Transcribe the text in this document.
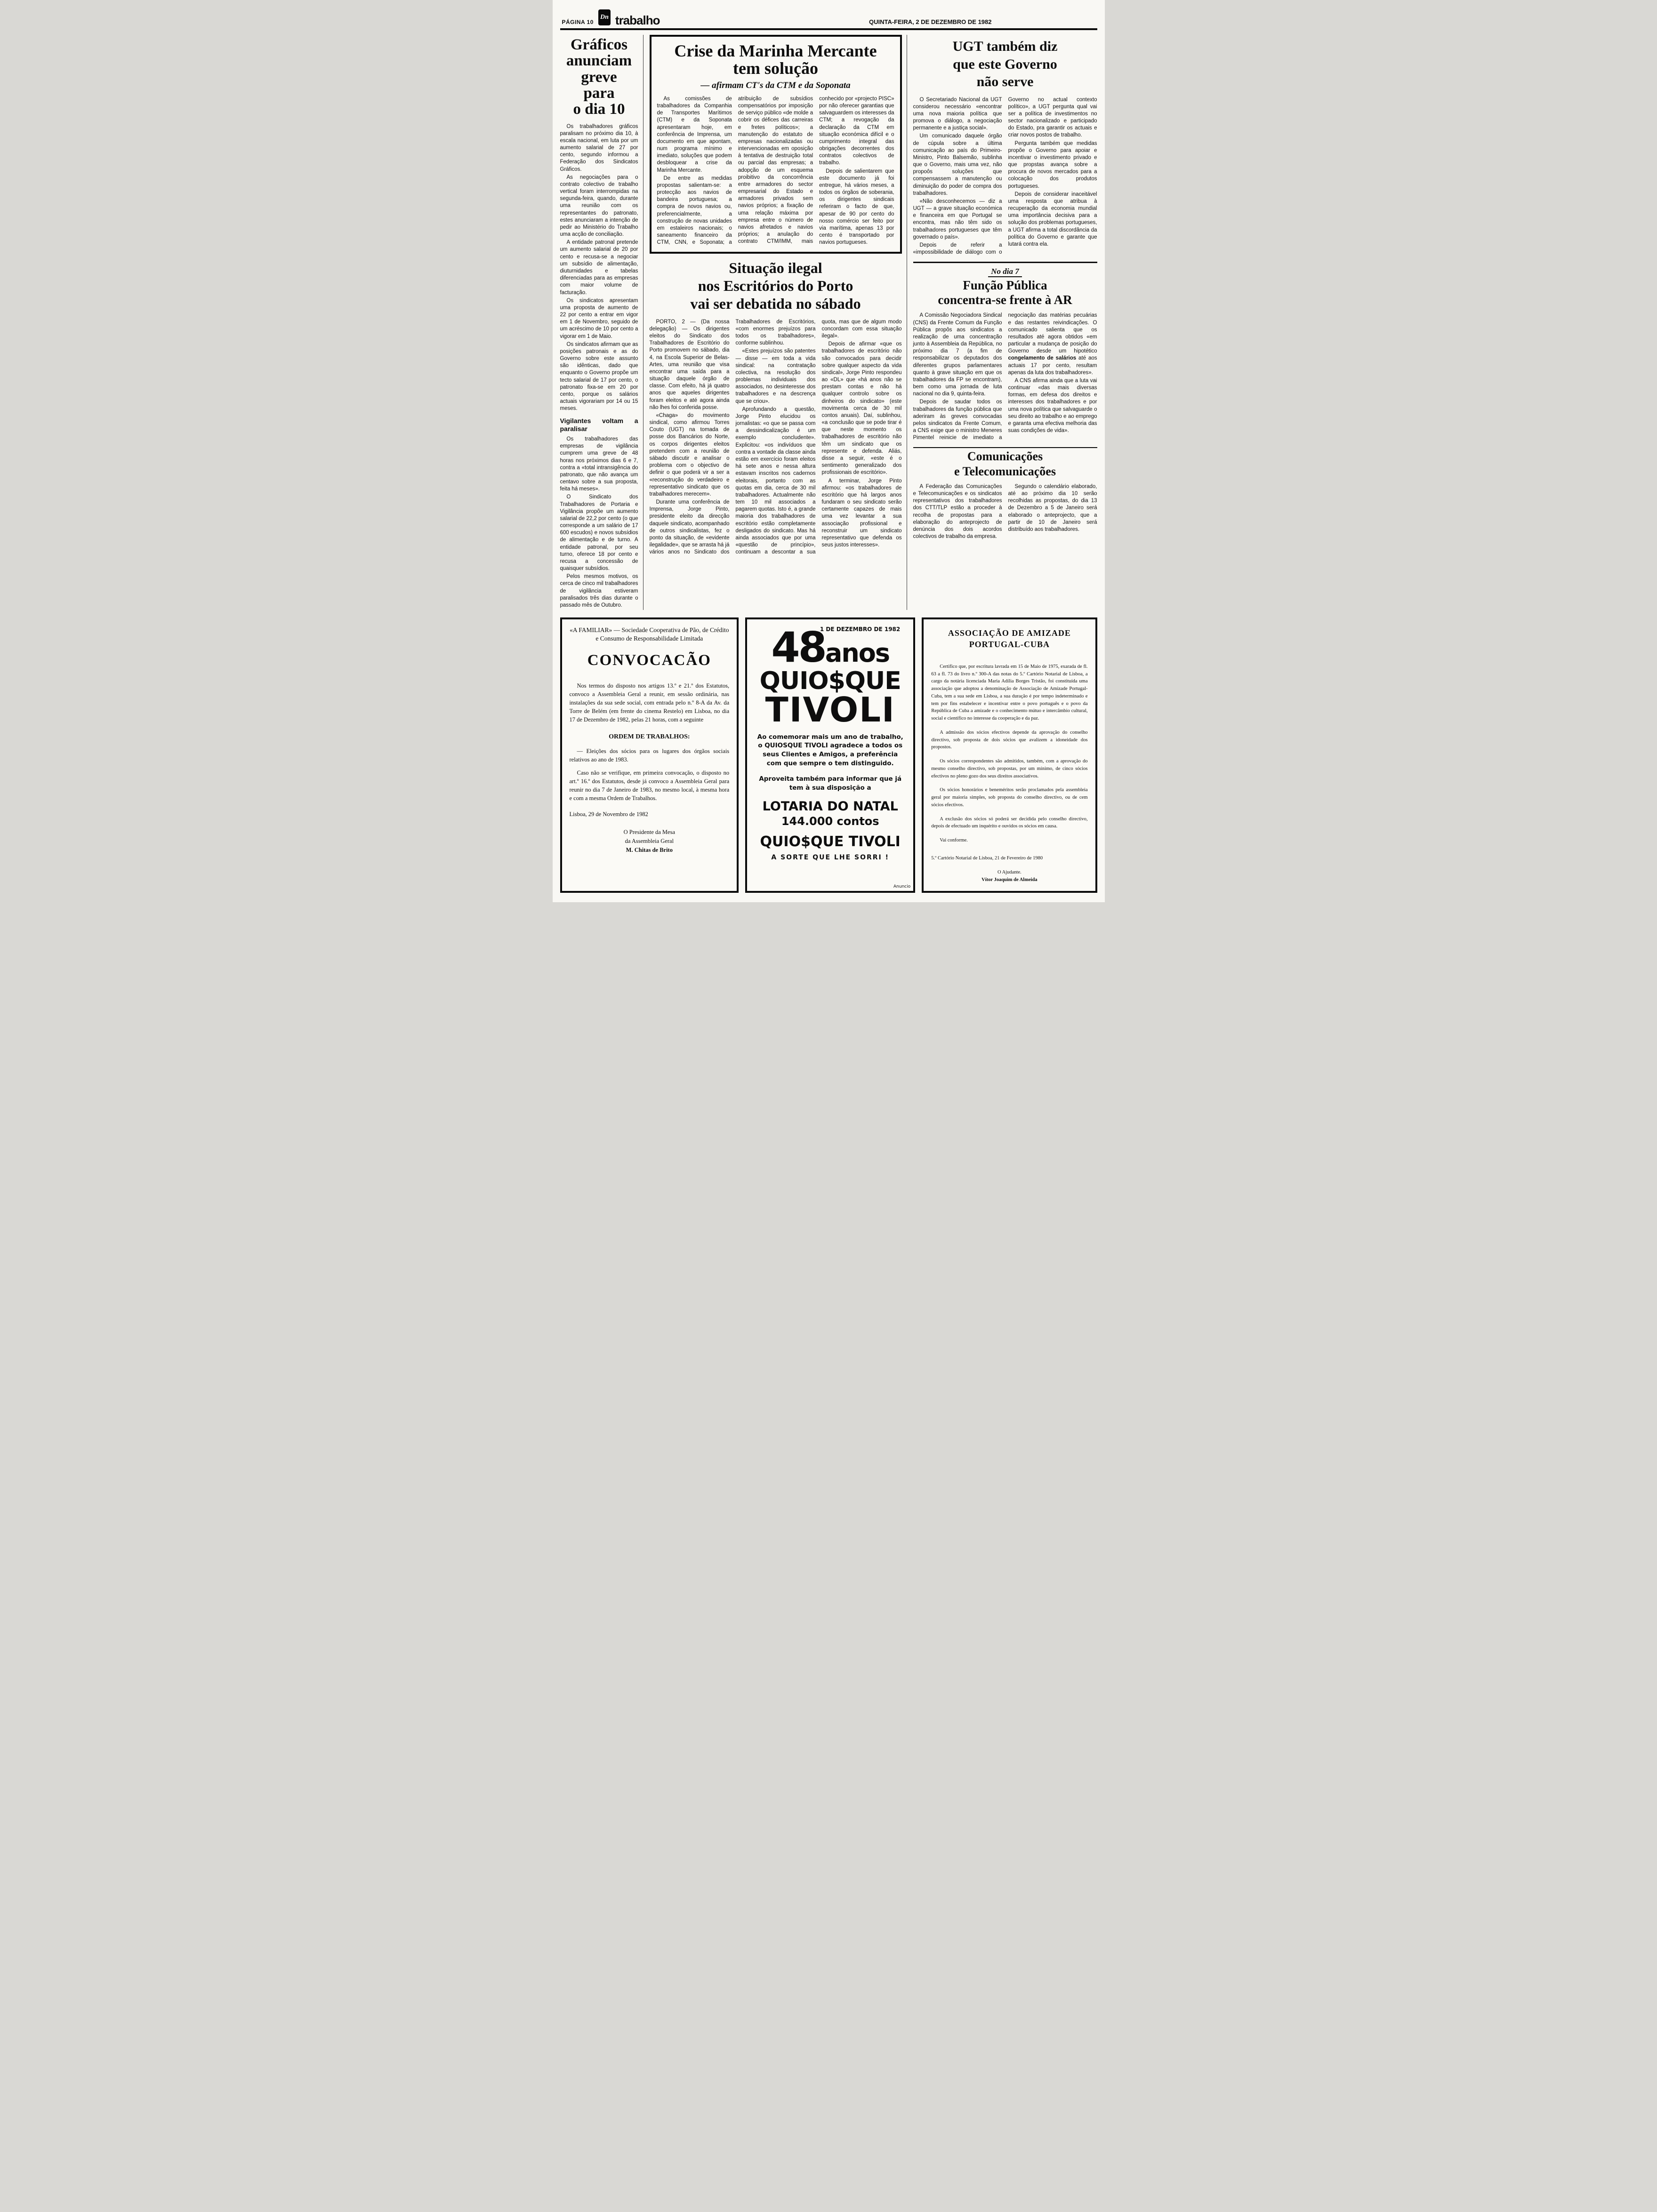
PÁGINA 10
Dn trabalho	QUINTA-FEIRA, 2 DE DEZEMBRO DE 1982
Gráficos
anunciam
greve
para
o dia 10

Os trabalhadores gráficos paralisam no próximo dia 10, à escala nacional, em luta por um aumento salarial de 27 por cento, segundo informou a Federação dos Sindicatos Gráficos.

As negociações para o contrato colectivo de trabalho vertical foram interrompidas na segunda-feira, quando, durante uma reunião com os representantes do patronato, estes anunciaram a intenção de pedir ao Ministério do Trabalho uma acção de conciliação.

A entidade patronal pretende um aumento salarial de 20 por cento e recusa-se a negociar um subsídio de alimentação, diuturnidades e tabelas diferenciadas para as empresas com maior volume de facturação.

Os sindicatos apresentam uma proposta de aumento de 22 por cento a entrar em vigor em 1 de Novembro, seguido de um acréscimo de 10 por cento a vigorar em 1 de Maio.

Os sindicatos afirmam que as posições patronais e as do Governo sobre este assunto são idênticas, dado que enquanto o Governo propõe um tecto salarial de 17 por cento, o patronato fixa-se em 20 por cento, porque os salários actuais vigorariam por 14 ou 15 meses.

Vigilantes voltam a paralisar

Os trabalhadores das empresas de vigilância cumprem uma greve de 48 horas nos próximos dias 6 e 7, contra a «total intransigência do patronato, que não avança um centavo sobre a sua proposta, feita há meses».

O Sindicato dos Trabalhadores de Portaria e Vigilância propõe um aumento salarial de 22,2 por cento (o que corresponde a um salário de 17 600 escudos) e novos subsídios de alimentação e de turno. A entidade patronal, por seu turno, oferece 18 por cento e recusa a concessão de quaisquer subsídios.

Pelos mesmos motivos, os cerca de cinco mil trabalhadores de vigilância estiveram paralisados três dias durante o passado mês de Outubro.

Crise da Marinha Mercante
tem solução
— afirmam CT's da CTM e da Soponata

As comissões de trabalhadores da Companhia de Transportes Marítimos (CTM) e da Soponata apresentaram hoje, em conferência de Imprensa, um documento em que apontam, num programa mínimo e imediato, soluções que podem desbloquear a crise da Marinha Mercante.

De entre as medidas propostas salientam-se: a protecção aos navios de bandeira portuguesa; a compra de novos navios ou, preferencialmente, a construção de novas unidades em estaleiros nacionais; o saneamento financeiro da CTM, CNN, e Soponata; a atribuição de subsídios compensatórios por imposição de serviço público «de molde a cobrir os défices das carreiras e fretes políticos»; a manutenção do estatuto de empresas nacionalizadas ou intervencionadas em oposição à tentativa de destruição total ou parcial das empresas; a adopção de um esquema proibitivo da concorrência entre armadores do sector empresarial do Estado e armadores privados sem navios próprios; a fixação de uma relação máxima por empresa entre o número de navios afretados e navios próprios; a anulação do contrato CTM/IMM, mais conhecido por «projecto PISC» por não oferecer garantias que salvaguardem os interesses da CTM; a revogação da declaração da CTM em situação económica difícil e o cumprimento integral das obrigações decorrentes dos contratos colectivos de trabalho.

Depois de salientarem que este documento já foi entregue, há vários meses, a todos os órgãos de soberania, os dirigentes sindicais referiram o facto de que, apesar de 90 por cento do nosso comércio ser feito por via marítima, apenas 13 por cento é transportado por navios portugueses.

Situação ilegal
nos Escritórios do Porto
vai ser debatida no sábado

PORTO, 2 — (Da nossa delegação) — Os dirigentes eleitos do Sindicato dos Trabalhadores de Escritório do Porto promovem no sábado, dia 4, na Escola Superior de Belas-Artes, uma reunião que visa encontrar uma saída para a situação daquele órgão de classe. Com efeito, há já quatro anos que aqueles dirigentes foram eleitos e até agora ainda não lhes foi conferida posse.

«Chaga» do movimento sindical, como afirmou Torres Couto (UGT) na tomada de posse dos Bancários do Norte, os corpos dirigentes eleitos pretendem com a reunião de sábado discutir e analisar o problema com o objectivo de definir o que poderá vir a ser a «reconstrução do verdadeiro e representativo sindicato que os trabalhadores merecem».

Durante uma conferência de Imprensa, Jorge Pinto, presidente eleito da direcção daquele sindicato, acompanhado de outros sindicalistas, fez o ponto da situação, de «evidente ilegalidade», que se arrasta há já vários anos no Sindicato dos Trabalhadores de Escritórios, «com enormes prejuízos para todos os trabalhadores», conforme sublinhou.

«Estes prejuízos são patentes — disse — em toda a vida sindical: na contratação colectiva, na resolução dos problemas individuais dos associados, no desinteresse dos trabalhadores e na descrença que se criou».

Aprofundando a questão, Jorge Pinto elucidou os jornalistas: «o que se passa com a dessindicalização é um exemplo concludente». Explicitou: «os indivíduos que contra a vontade da classe ainda estão em exercício foram eleitos há sete anos e nessa altura estavam inscritos nos cadernos eleitorais, portanto com as quotas em dia, cerca de 30 mil trabalhadores. Actualmente não tem 10 mil associados a pagarem quotas. Isto é, a grande maioria dos trabalhadores de escritório estão completamente desligados do sindicato. Mas há ainda associados que por uma «questão de princípio», continuam a descontar a sua quota, mas que de algum modo concordam com essa situação ilegal».

Depois de afirmar «que os trabalhadores de escritório não são convocados para decidir sobre qualquer aspecto da vida sindical», Jorge Pinto respondeu ao «DL» que «há anos não se prestam contas e não há qualquer controlo sobre os dinheiros do sindicato» (este movimenta cerca de 30 mil contos anuais). Daí, sublinhou, «a conclusão que se pode tirar é que neste momento os trabalhadores de escritório não têm um sindicato que os represente e defenda. Aliás, disse a seguir, «este é o sentimento generalizado dos profissionais de escritório».

A terminar, Jorge Pinto afirmou: «os trabalhadores de escritório que há largos anos fundaram o seu sindicato serão certamente capazes de mais uma vez levantar a sua associação profissional e reconstruir um sindicato representativo que defenda os seus justos interesses».

UGT também diz
que este Governo
não serve

O Secretariado Nacional da UGT considerou necessário «encontrar uma nova maioria política que promova o diálogo, a negociação permanente e a justiça social».

Um comunicado daquele órgão de cúpula sobre a última comunicação ao país do Primeiro-Ministro, Pinto Balsemão, sublinha que o Governo, mais uma vez, não propoôs soluções que compensassem a manutenção ou diminuição do poder de compra dos trabalhadores.

«Não desconhecemos — diz a UGT — a grave situação económica e financeira em que Portugal se encontra, mas não têm sido os trabalhadores portugueses que têm governado o país».

Depois de referir a «impossibilidade de diálogo com o Governo no actual contexto político», a UGT pergunta qual vai ser a política de investimentos no sector nacionalizado e participado do Estado, pra garantir os actuais e criar novos postos de trabalho.

Pergunta também que medidas propõe o Governo para apoiar e incentivar o investimento privado e que propstas avança sobre a procura de novos mercados para a colocação dos produtos portugueses.

Depois de considerar inaceitável uma resposta que atribua à recuperação da economia mundial uma importância decisiva para a solução dos problemas portugueses, a UGT afirma a total discordância da política do Governo e garante que lutará contra ela.

No dia 7
Função Pública
concentra-se frente à AR

A Comissão Negociadora Sindical (CNS) da Frente Comum da Função Pública propôs aos sindicatos a realização de uma concentração junto à Assembleia da República, no próximo dia 7 (a fim de responsabilizar os deputados dos diferentes grupos parlamentares quanto à grave situação em que os trabalhadores da FP se encontram), bem como uma jornada de luta nacional no dia 9, quinta-feira.

Depois de saudar todos os trabalhadores da função pública que aderiram às greves convocadas pelos sindicatos da Frente Comum, a CNS exige que o ministro Meneres Pimentel reinicie de imediato a negociação das matérias pecuárias e das restantes reivindicações. O comunicado salienta que os resultados até agora obtidos «em particular a mudança de posição do Governo desde um hipotético congelamento de salários até aos actuais 17 por cento, resultam apenas da luta dos trabalhadores».

A CNS afirma ainda que a luta vai continuar «das mais diversas formas, em defesa dos direitos e interesses dos trabalhadores e por uma nova política que salvaguarde o seu direito ao trabalho e ao emprego e garanta uma efectiva melhoria das suas condições de vida».

Comunicações
e Telecomunicações

A Federação das Comunicações e Telecomunicações e os sindicatos representativos dos trabalhadores dos CTT/TLP estão a proceder à recolha de propostas para a elaboração do anteprojecto de denúncia dos dois acordos colectivos de trabalho da empresa.

Segundo o calendário elaborado, até ao próximo dia 10 serão recolhidas as propostas, do dia 13 de Dezembro a 5 de Janeiro será elaborado o anteprojecto, que a partir de 10 de Janeiro será distribuído aos trabalhadores.

«A FAMILIAR» — Sociedade Cooperativa de Pão, de Crédito e Consumo de Responsabilidade Limitada
CONVOCACÃO

Nos termos do disposto nos artigos 13.º e 21.º dos Estatutos, convoco a Assembleia Geral a reunir, em sessão ordinária, nas instalações da sua sede social, com entrada pelo n.º 8-A da Av. da Torre de Belém (em frente do cinema Restelo) em Lisboa, no dia 17 de Dezembro de 1982, pelas 21 horas, com a seguinte

ORDEM DE TRABALHOS:

— Eleições dos sócios para os lugares dos órgãos sociais relativos ao ano de 1983.

Caso não se verifique, em primeira convocação, o disposto no art.º 16.º dos Estatutos, desde já convoco a Assembleia Geral para reunir no dia 7 de Janeiro de 1983, no mesmo local, à mesma hora e com a mesma Ordem de Trabalhos.

Lisboa, 29 de Novembro de 1982
O Presidente da Mesa
da Assembleia Geral
M. Chitas de Brito
1 DE DEZEMBRO DE 1982
48 anos
QUIO$QUE
TIVOLI
Ao comemorar mais um ano de trabalho, o QUIOSQUE TIVOLI agradece a todos os seus Clientes e Amigos, a preferência com que sempre o tem distinguido.
Aproveita também para informar que já tem à sua disposição a
LOTARIA DO NATAL
144.000 contos
QUIO$QUE TIVOLI
A SORTE QUE LHE SORRI !
Anuncio
ASSOCIAÇÃO DE AMIZADE
PORTUGAL-CUBA

Certifico que, por escritura lavrada em 15 de Maio de 1975, exarada de fl. 63 a fl. 73 do livro n.º 300-A das notas do 5.º Cartório Notarial de Lisboa, a cargo da notária licenciada Maria Adília Borges Tristão, foi constituída uma associação que adoptou a denominação de Associação de Amizade Portugal-Cuba, tem a sua sede em Lisboa, a sua duração é por tempo indeterminado e tem por fins estabelecer e incentivar entre o povo português e o povo da República de Cuba a amizade e o conhecimento mútuo e intercâmbio cultural, social e científico no interesse da cooperação e da paz.

A admissão dos sócios efectivos depende da aprovação do conselho directivo, sob proposta de dois sócios que avalizem a idoneidade dos propostos.

Os sócios correspondentes são admitidos, também, com a aprovação do mesmo conselho directivo, sob propostas, por um mínimo, de cinco sócios efectivos no pleno gozo dos seus direitos associativos.

Os sócios honorários e beneméritos serão proclamados pela assembleia geral por maioria simples, sob proposta do conselho directivo, ou de cem sócios efectivos.

A exclusão dos sócios só poderá ser decidida pelo conselho directivo, depois de efectuado um inquérito e ouvidos os sócios em causa.

Vai conforme.

5.º Cartório Notarial de Lisboa, 21 de Fevereiro de 1980
O Ajudante.
Vítor Joaquim de Almeida
